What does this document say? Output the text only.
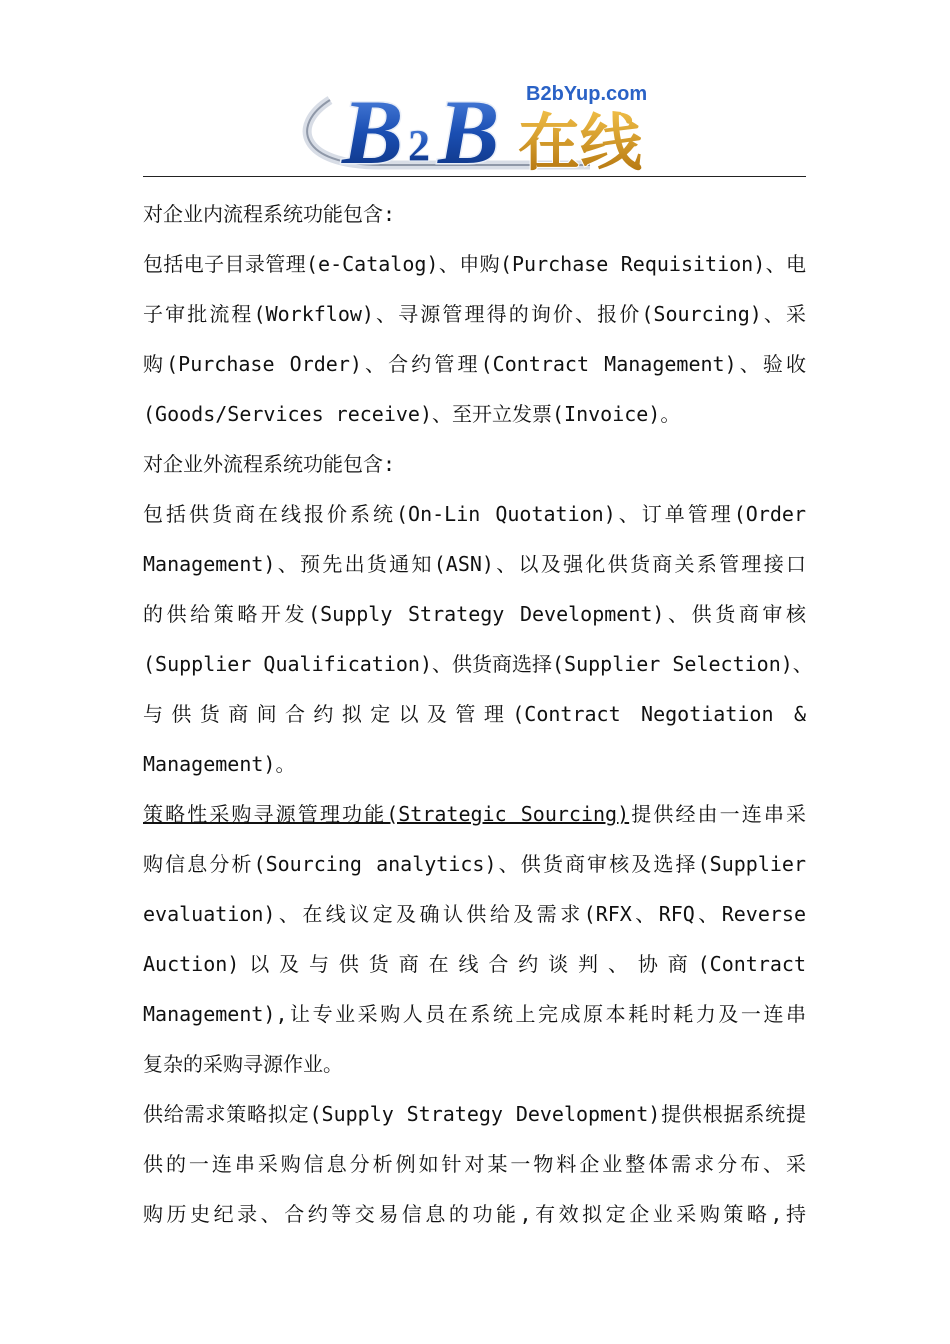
B 2 B 在线
B2bYup.com

对企业内流程系统功能包含:

包括电子目录管理(e-Catalog)、申购(Purchase Requisition)、电

子审批流程(Workflow)、寻源管理得的询价、报价(Sourcing)、采

购(Purchase Order)、合约管理(Contract Management)、验收

(Goods/Services receive)、至开立发票(Invoice)。

对企业外流程系统功能包含:

包括供货商在线报价系统(On-Lin Quotation)、订单管理(Order

Management)、预先出货通知(ASN)、以及强化供货商关系管理接口

的供给策略开发(Supply Strategy Development)、供货商审核

(Supplier Qualification)、供货商选择(Supplier Selection)、

与供货商间合约拟定以及管理(Contract Negotiation &

Management)。

策略性采购寻源管理功能(Strategic Sourcing)提供经由一连串采

购信息分析(Sourcing analytics)、供货商审核及选择(Supplier

evaluation)、在线议定及确认供给及需求(RFX、RFQ、Reverse

Auction)以及与供货商在线合约谈判、协商(Contract

Management),让专业采购人员在系统上完成原本耗时耗力及一连串

复杂的采购寻源作业。

供给需求策略拟定(Supply Strategy Development)提供根据系统提

供的一连串采购信息分析例如针对某一物料企业整体需求分布、采

购历史纪录、合约等交易信息的功能,有效拟定企业采购策略,持
